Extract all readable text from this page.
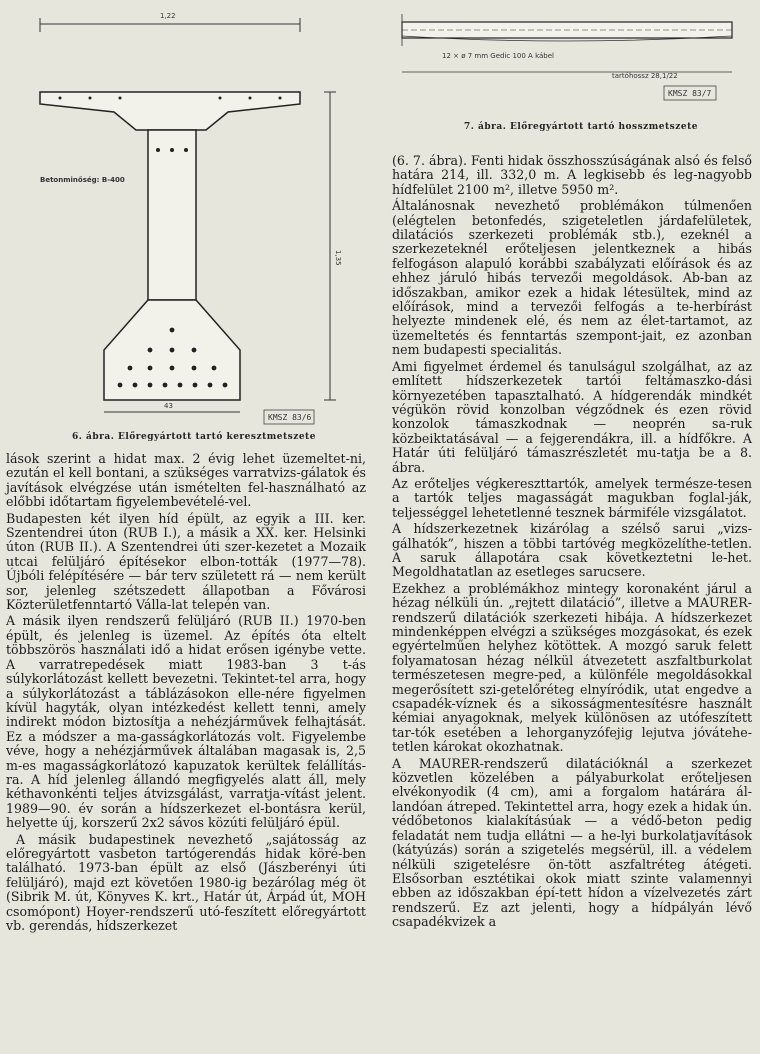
1,22
1,35
43
Betonminőség: B-400
KMSZ 83/6
6. ábra. Előregyártott tartó keresztmetszete

lások szerint a hidat max. 2 évig lehet üzemeltet-ni, ezután el kell bontani, a szükséges varratvizs-gálatok és javítások elvégzése után ismételten fel-használható az előbbi időtartam figyelembevételé-vel.

Budapesten két ilyen híd épült, az egyik a III. ker. Szentendrei úton (RUB I.), a másik a XX. ker. Helsinki úton (RUB II.). A Szentendrei úti szer-kezetet a Mozaik utcai felüljáró építésekor elbon-tották (1977—78). Újbóli felépítésére — bár terv született rá — nem került sor, jelenleg szétszedett állapotban a Fővárosi Közterületfenntartó Válla-lat telepén van.

A másik ilyen rendszerű felüljáró (RUB II.) 1970-ben épült, és jelenleg is üzemel. Az építés óta eltelt többszörös használati idő a hidat erősen igénybe vette. A varratrepedések miatt 1983-ban 3 t-ás súlykorlátozást kellett bevezetni. Tekintet-tel arra, hogy a súlykorlátozást a táblázásokon elle-nére figyelmen kívül hagyták, olyan intézkedést kellett tenni, amely indirekt módon biztosítja a nehézjárművek felhajtását. Ez a módszer a ma-gasságkorlátozás volt. Figyelembe véve, hogy a nehézjárművek általában magasak is, 2,5 m-es magasságkorlátozó kapuzatok kerültek felállítás-ra. A híd jelenleg állandó megfigyelés alatt áll, mely kéthavonkénti teljes átvizsgálást, varratja-vítást jelent. 1989—90. év során a hídszerkezet el-bontásra kerül, helyette új, korszerű 2x2 sávos közúti felüljáró épül.

A másik budapestinek nevezhető „sajátosság az előregyártott vasbeton tartógerendás hidak köré-ben található. 1973-ban épült az első (Jászberényi úti felüljáró), majd ezt követően 1980-ig bezárólag még öt (Sibrik M. út, Könyves K. krt., Határ út, Árpád út, MOH csomópont) Hoyer-rendszerű utó-feszített előregyártott vb. gerendás, hídszerkezet

12 × ø 7 mm Gedic 100 A kábel
tartóhossz 28,1/22
KMSZ 83/7
7. ábra. Előregyártott tartó hosszmetszete

(6. 7. ábra). Fenti hidak összhosszúságának alsó és felső határa 214, ill. 332,0 m. A legkisebb és leg-nagyobb hídfelület 2100 m², illetve 5950 m².

Általánosnak nevezhető problémákon túlmenően (elégtelen betonfedés, szigeteletlen járdafelületek, dilatációs szerkezeti problémák stb.), ezeknél a szerkezeteknél erőteljesen jelentkeznek a hibás felfogáson alapuló korábbi szabályzati előírások és az ehhez járuló hibás tervezői megoldások. Ab-ban az időszakban, amikor ezek a hidak létesültek, mind az előírások, mind a tervezői felfogás a te-herbírást helyezte mindenek elé, és nem az élet-tartamot, az üzemeltetés és fenntartás szempont-jait, ez azonban nem budapesti specialitás.

Ami figyelmet érdemel és tanulságul szolgálhat, az az említett hídszerkezetek tartói feltámaszko-dási környezetében tapasztalható. A hídgerendák mindkét végükön rövid konzolban végződnek és ezen rövid konzolok támaszkodnak — neoprén sa-ruk közbeiktatásával — a fejgerendákra, ill. a hídfőkre. A Határ úti felüljáró támaszrészletét mu-tatja be a 8. ábra.

Az erőteljes végkereszttartók, amelyek természe-tesen a tartók teljes magasságát magukban foglal-ják, teljességgel lehetetlenné tesznek bármiféle vizsgálatot.

A hídszerkezetnek kizárólag a szélső sarui „vizs-gálhatók”, hiszen a többi tartóvég megközelíthe-tetlen. A saruk állapotára csak következtetni le-het. Megoldhatatlan az esetleges sarucsere.

Ezekhez a problémákhoz mintegy koronaként járul a hézag nélküli ún. „rejtett dilatáció”, illetve a MAURER-rendszerű dilatációk szerkezeti hibája. A hídszerkezet mindenképpen elvégzi a szükséges mozgásokat, és ezek egyértelműen helyhez kötöttek. A mozgó saruk felett folyamatosan hézag nélkül átvezetett aszfaltburkolat természetesen megre-ped, a különféle megoldásokkal megerősített szi-getelőréteg elnyíródik, utat engedve a csapadék-víznek és a sikosságmentesítésre használt kémiai anyagoknak, melyek különösen az utófeszített tar-tók esetében a lehorganyzófejig lejutva jóvátehe-tetlen károkat okozhatnak.

A MAURER-rendszerű dilatációknál a szerkezet közvetlen közelében a pályaburkolat erőteljesen elvékonyodik (4 cm), ami a forgalom határára ál-landóan átreped. Tekintettel arra, hogy ezek a hidak ún. védőbetonos kialakításúak — a védő-beton pedig feladatát nem tudja ellátni — a he-lyi burkolatjavítások (kátyúzás) során a szigetelés megsérül, ill. a védelem nélküli szigetelésre ön-tött aszfaltréteg átégeti. Elsősorban esztétikai okok miatt szinte valamennyi ebben az időszakban épí-tett hídon a vízelvezetés zárt rendszerű. Ez azt jelenti, hogy a hídpályán lévő csapadékvizek a
